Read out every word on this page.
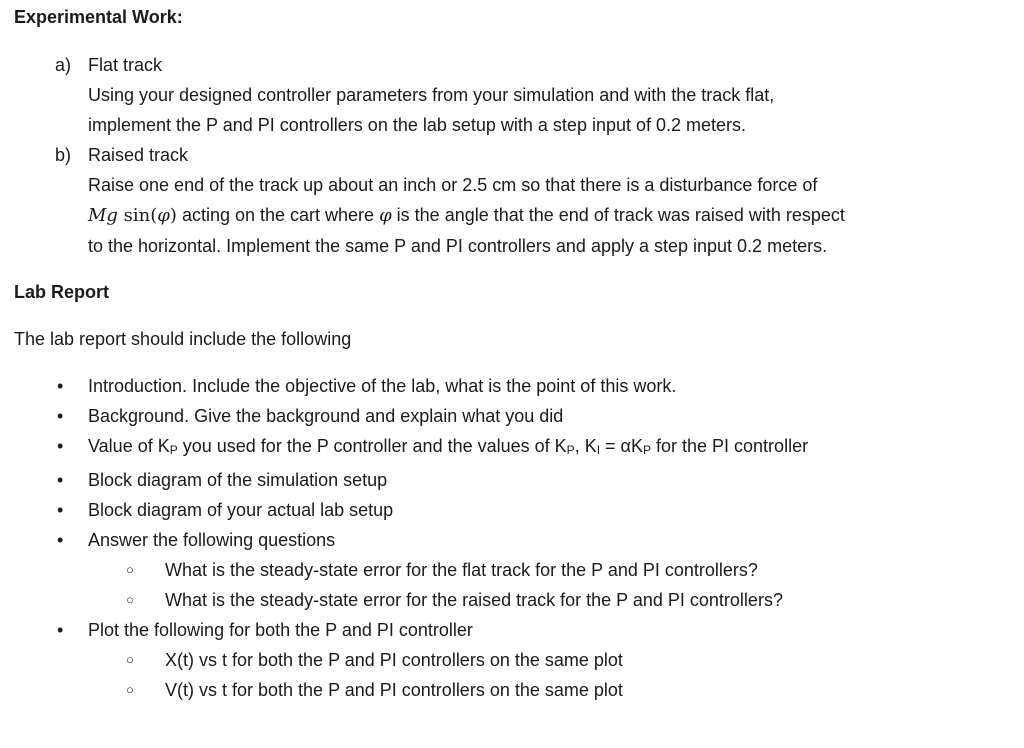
Experimental Work:
a) Flat track
Using your designed controller parameters from your simulation and with the track flat,
implement the P and PI controllers on the lab setup with a step input of 0.2 meters.
b) Raised track
Raise one end of the track up about an inch or 2.5 cm so that there is a disturbance force of
Mg sin(φ) acting on the cart where φ is the angle that the end of track was raised with respect
to the horizontal. Implement the same P and PI controllers and apply a step input 0.2 meters.
Lab Report

The lab report should include the following

•	Introduction. Include the objective of the lab, what is the point of this work.
•	Background. Give the background and explain what you did
•	Value of KP you used for the P controller and the values of KP, KI = αKP for the PI controller
•	Block diagram of the simulation setup
•	Block diagram of your actual lab setup
•	Answer the following questions
○	What is the steady-state error for the flat track for the P and PI controllers?
○	What is the steady-state error for the raised track for the P and PI controllers?
•	Plot the following for both the P and PI controller
○	X(t) vs t for both the P and PI controllers on the same plot
○	V(t) vs t for both the P and PI controllers on the same plot
